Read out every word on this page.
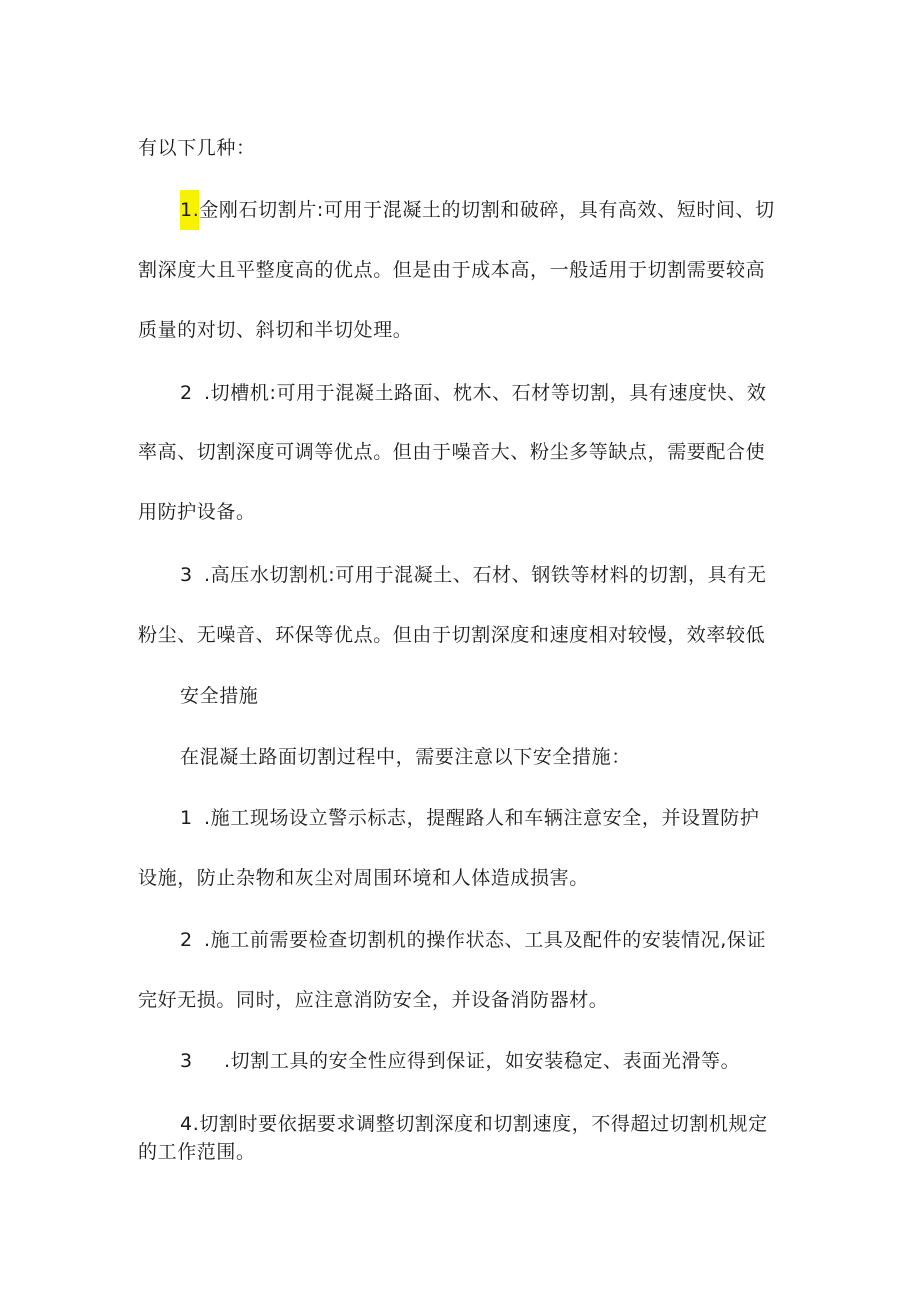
有以下几种：
1.金刚石切割片:可用于混凝土的切割和破碎，具有高效、短时间、切
割深度大且平整度高的优点。但是由于成本高，一般适用于切割需要较高
质量的对切、斜切和半切处理。
2 .切槽机:可用于混凝土路面、枕木、石材等切割，具有速度快、效
率高、切割深度可调等优点。但由于噪音大、粉尘多等缺点，需要配合使
用防护设备。
3 .高压水切割机:可用于混凝土、石材、钢铁等材料的切割，具有无
粉尘、无噪音、环保等优点。但由于切割深度和速度相对较慢，效率较低
安全措施
在混凝土路面切割过程中，需要注意以下安全措施：
1 .施工现场设立警示标志，提醒路人和车辆注意安全，并设置防护
设施，防止杂物和灰尘对周围环境和人体造成损害。
2 .施工前需要检查切割机的操作状态、工具及配件的安装情况,保证
完好无损。同时，应注意消防安全，并设备消防器材。
3 .切割工具的安全性应得到保证，如安装稳定、表面光滑等。
4.切割时要依据要求调整切割深度和切割速度，不得超过切割机规定
的工作范围。
